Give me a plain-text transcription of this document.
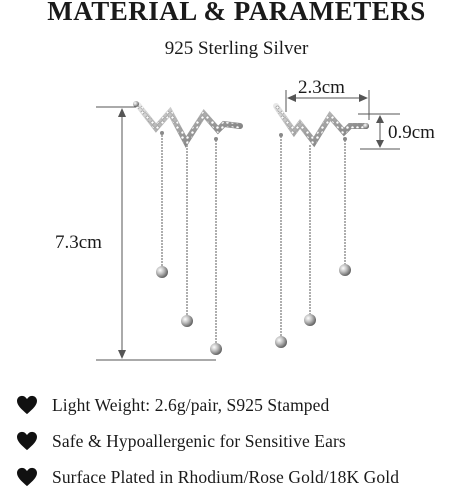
MATERIAL & PARAMETERS
925 Sterling Silver
7.3cm
2.3cm
0.9cm
Light Weight: 2.6g/pair, S925 Stamped
Safe & Hypoallergenic for Sensitive Ears
Surface Plated in Rhodium/Rose Gold/18K Gold
